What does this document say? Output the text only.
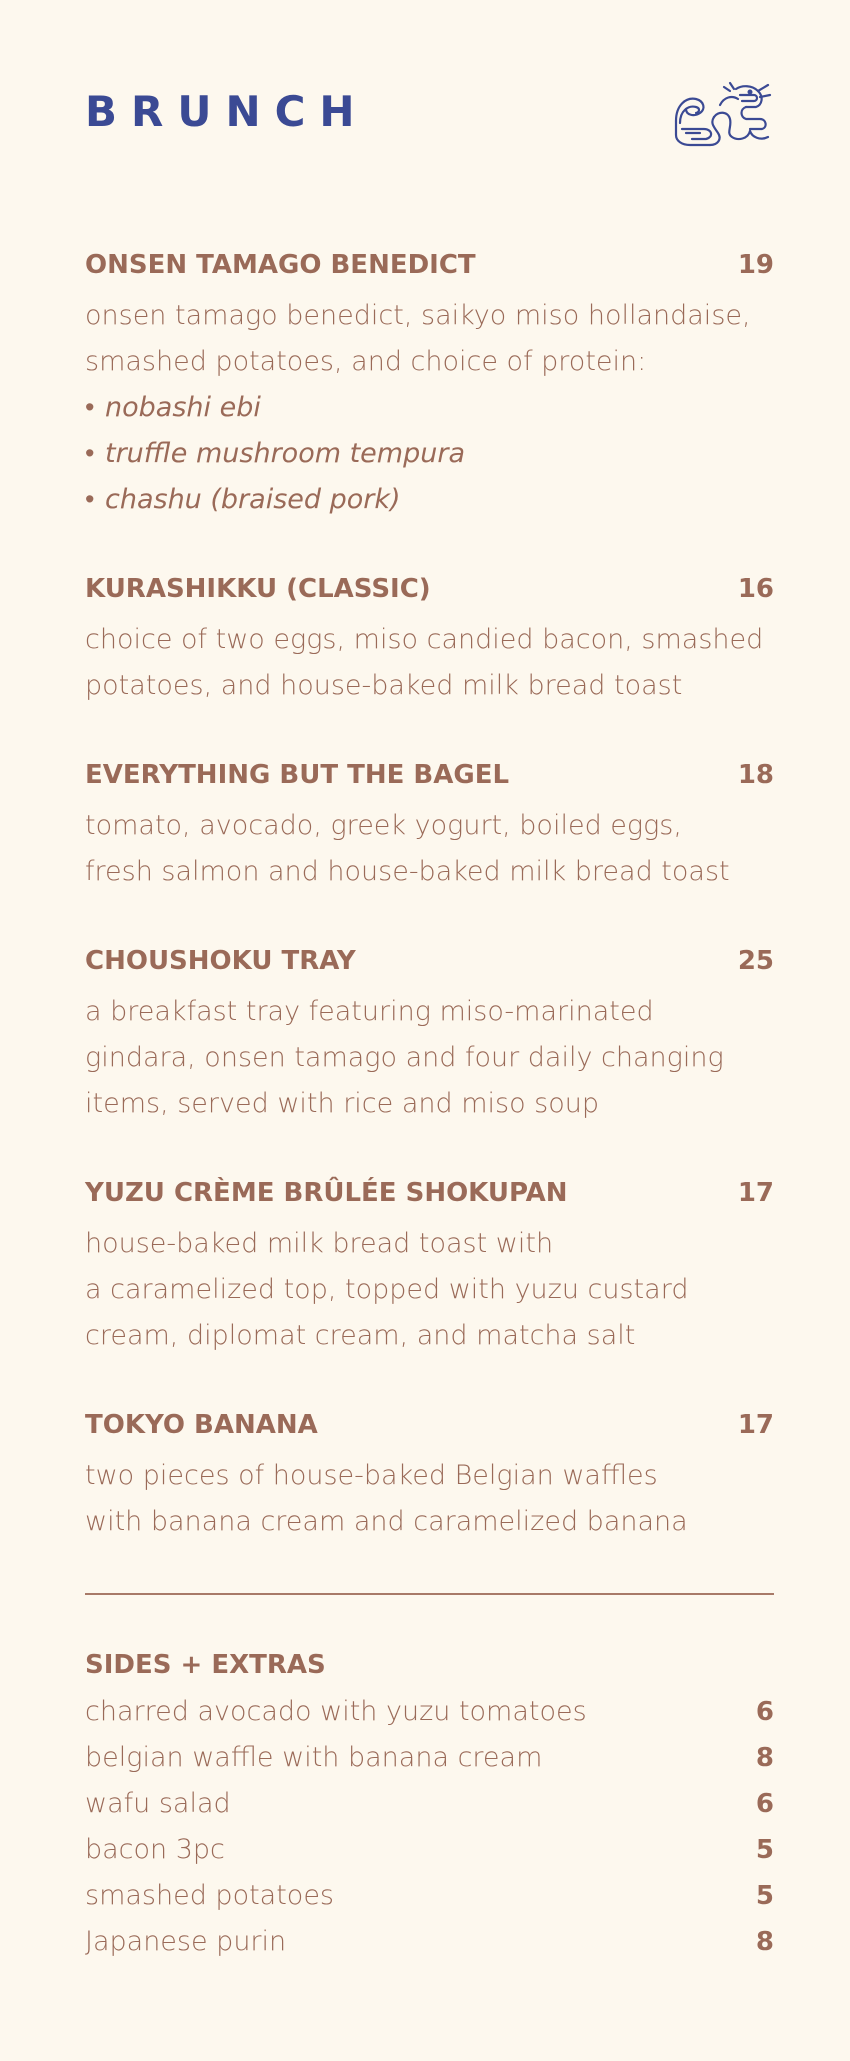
BRUNCH
ONSEN TAMAGO BENEDICT	19
onsen tamago benedict, saikyo miso hollandaise,
smashed potatoes, and choice of protein:
• nobashi ebi
• truffle mushroom tempura
• chashu (braised pork)
KURASHIKKU (CLASSIC)	16
choice of two eggs, miso candied bacon, smashed
potatoes, and house-baked milk bread toast
EVERYTHING BUT THE BAGEL	18
tomato, avocado, greek yogurt, boiled eggs,
fresh salmon and house-baked milk bread toast
CHOUSHOKU TRAY	25
a breakfast tray featuring miso-marinated
gindara, onsen tamago and four daily changing
items, served with rice and miso soup
YUZU CRÈME BRÛLÉE SHOKUPAN	17
house-baked milk bread toast with
a caramelized top, topped with yuzu custard
cream, diplomat cream, and matcha salt
TOKYO BANANA	17
two pieces of house-baked Belgian waffles
with banana cream and caramelized banana
SIDES + EXTRAS
charred avocado with yuzu tomatoes	6
belgian waffle with banana cream	8
wafu salad	6
bacon 3pc	5
smashed potatoes	5
Japanese purin	8
